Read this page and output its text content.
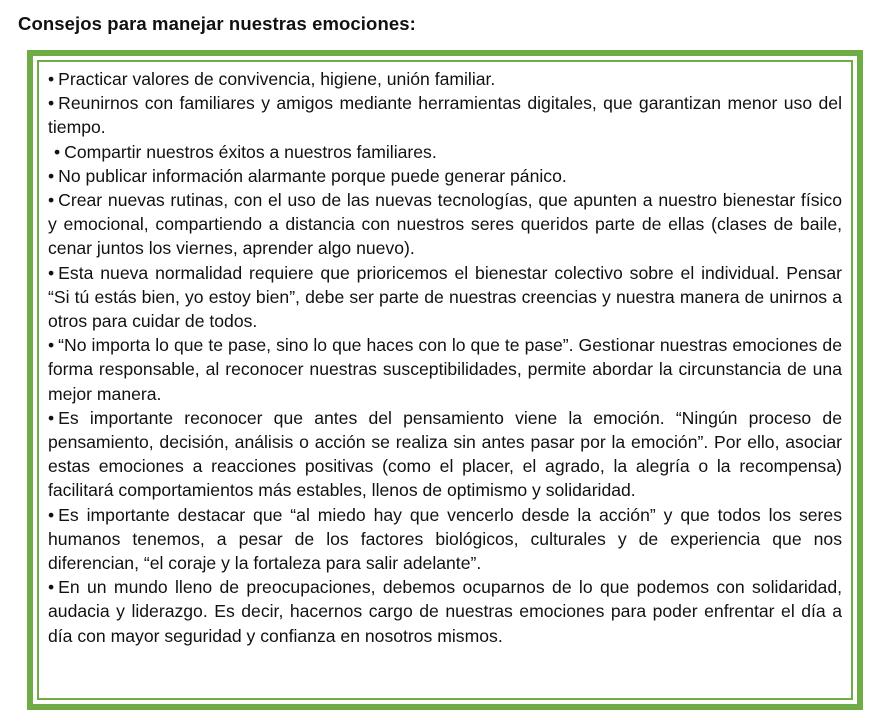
Consejos para manejar nuestras emociones:

• Practicar valores de convivencia, higiene, unión familiar.

• Reunirnos con familiares y amigos mediante herramientas digitales, que garantizan menor uso del tiempo.

• Compartir nuestros éxitos a nuestros familiares.

• No publicar información alarmante porque puede generar pánico.

• Crear nuevas rutinas, con el uso de las nuevas tecnologías, que apunten a nuestro bienestar físico y emocional, compartiendo a distancia con nuestros seres queridos parte de ellas (clases de baile, cenar juntos los viernes, aprender algo nuevo).

• Esta nueva normalidad requiere que prioricemos el bienestar colectivo sobre el individual. Pensar “Si tú estás bien, yo estoy bien”, debe ser parte de nuestras creencias y nuestra manera de unirnos a otros para cuidar de todos.

• “No importa lo que te pase, sino lo que haces con lo que te pase”. Gestionar nuestras emociones de forma responsable, al reconocer nuestras susceptibilidades, permite abordar la circunstancia de una mejor manera.

• Es importante reconocer que antes del pensamiento viene la emoción. “Ningún proceso de pensamiento, decisión, análisis o acción se realiza sin antes pasar por la emoción”. Por ello, asociar estas emociones a reacciones positivas (como el placer, el agrado, la alegría o la recompensa) facilitará comportamientos más estables, llenos de optimismo y solidaridad.

• Es importante destacar que “al miedo hay que vencerlo desde la acción” y que todos los seres humanos tenemos, a pesar de los factores biológicos, culturales y de experiencia que nos diferencian, “el coraje y la fortaleza para salir adelante”.

• En un mundo lleno de preocupaciones, debemos ocuparnos de lo que podemos con solidaridad, audacia y liderazgo. Es decir, hacernos cargo de nuestras emociones para poder enfrentar el día a día con mayor seguridad y confianza en nosotros mismos.
